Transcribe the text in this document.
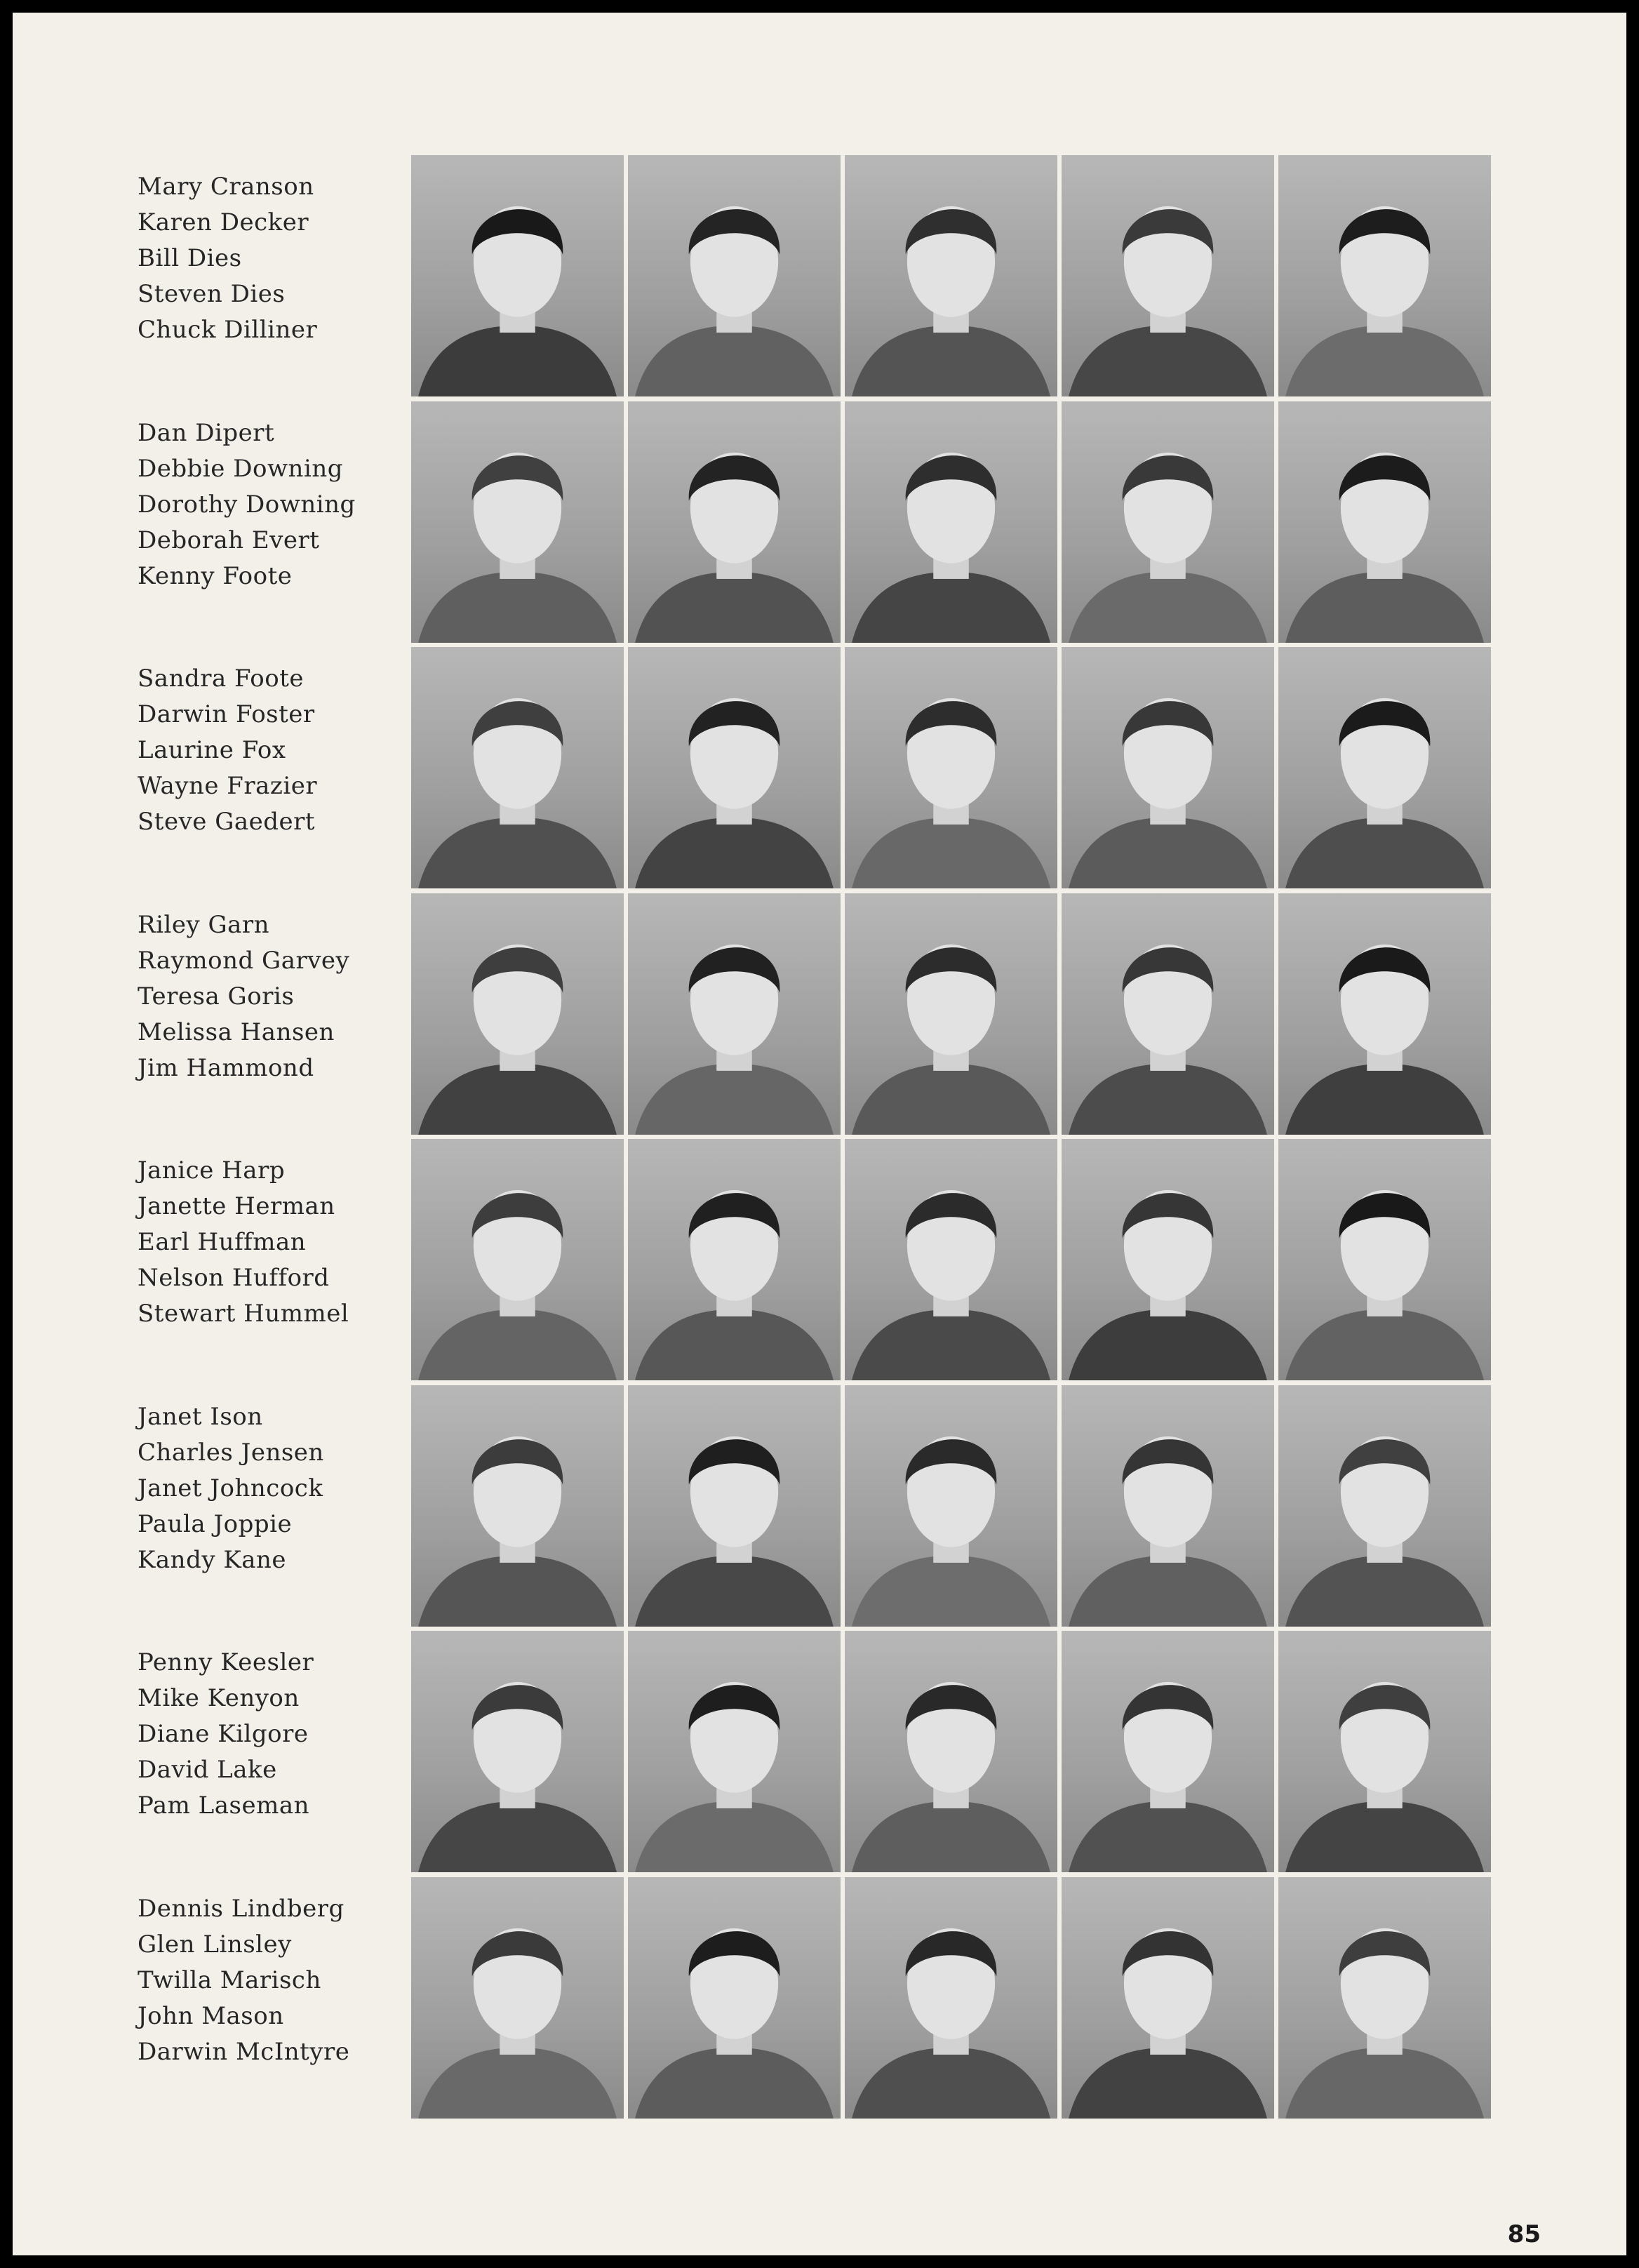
Mary Cranson
Karen Decker
Bill Dies
Steven Dies
Chuck Dilliner
Dan Dipert
Debbie Downing
Dorothy Downing
Deborah Evert
Kenny Foote
Sandra Foote
Darwin Foster
Laurine Fox
Wayne Frazier
Steve Gaedert
Riley Garn
Raymond Garvey
Teresa Goris
Melissa Hansen
Jim Hammond
Janice Harp
Janette Herman
Earl Huffman
Nelson Hufford
Stewart Hummel
Janet Ison
Charles Jensen
Janet Johncock
Paula Joppie
Kandy Kane
Penny Keesler
Mike Kenyon
Diane Kilgore
David Lake
Pam Laseman
Dennis Lindberg
Glen Linsley
Twilla Marisch
John Mason
Darwin McIntyre
85
